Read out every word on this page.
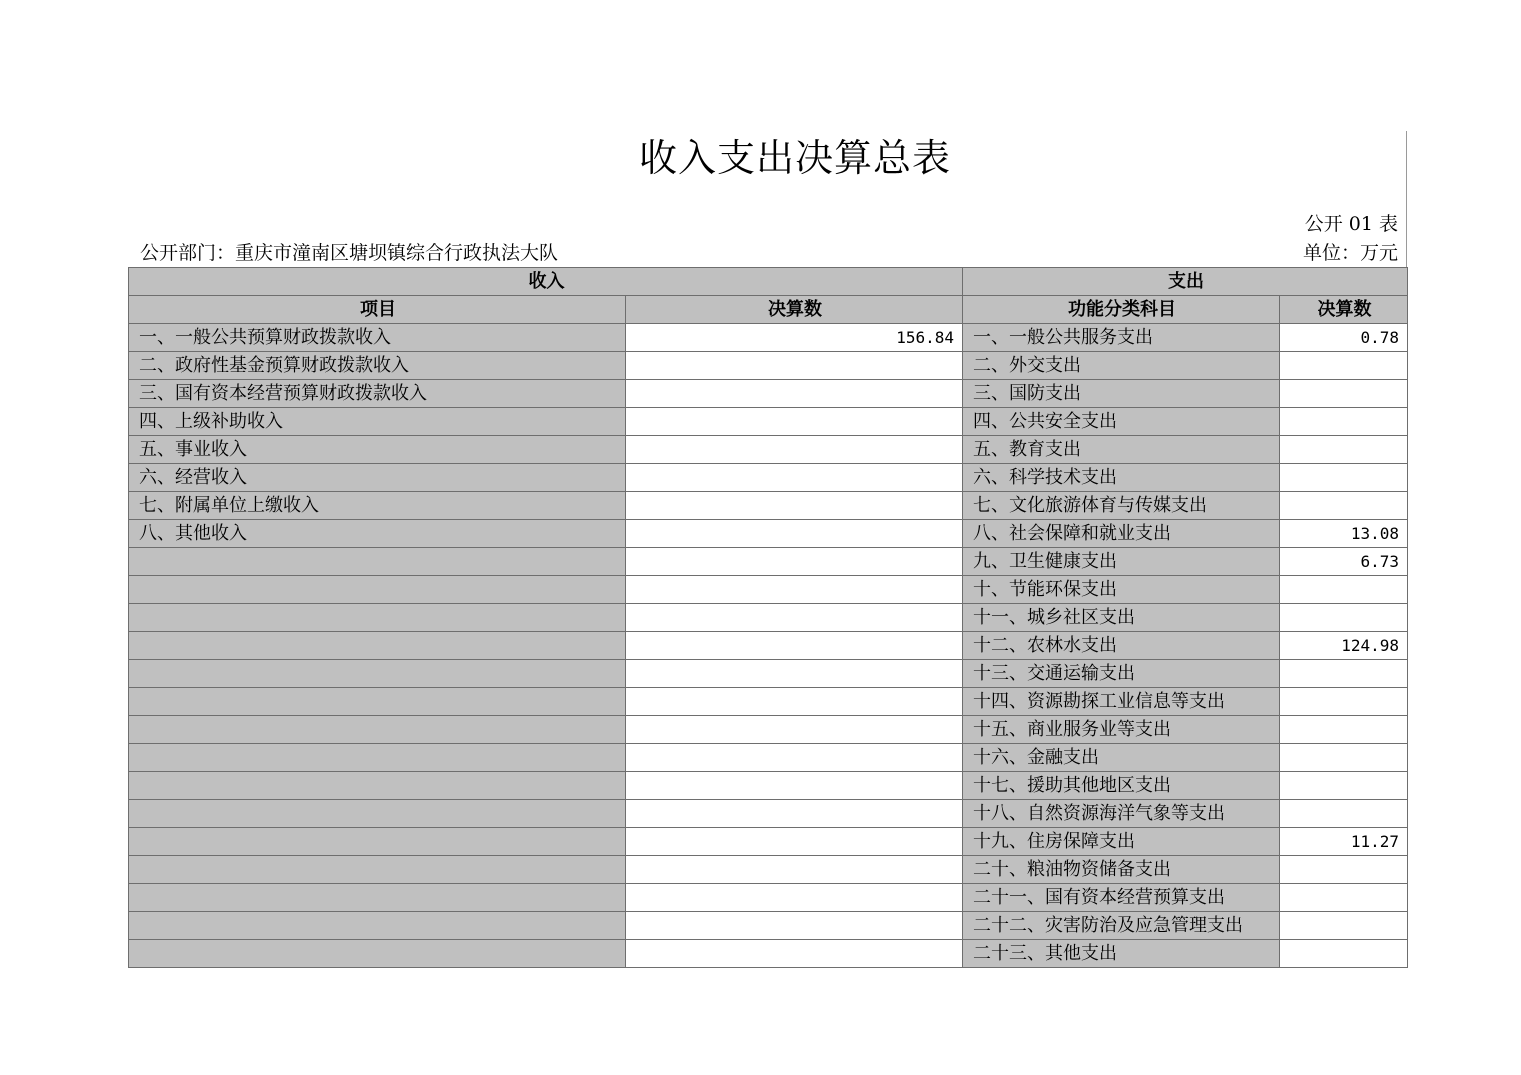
收入支出决算总表
公开 01 表
公开部门：重庆市潼南区塘坝镇综合行政执法大队	单位：万元
收入		支出	
项目	决算数	功能分类科目	决算数
一、一般公共预算财政拨款收入	156.84	一、一般公共服务支出	0.78
二、政府性基金预算财政拨款收入		二、外交支出	
三、国有资本经营预算财政拨款收入		三、国防支出	
四、上级补助收入		四、公共安全支出	
五、事业收入		五、教育支出	
六、经营收入		六、科学技术支出	
七、附属单位上缴收入		七、文化旅游体育与传媒支出	
八、其他收入		八、社会保障和就业支出	13.08
		九、卫生健康支出	6.73
		十、节能环保支出	
		十一、城乡社区支出	
		十二、农林水支出	124.98
		十三、交通运输支出	
		十四、资源勘探工业信息等支出	
		十五、商业服务业等支出	
		十六、金融支出	
		十七、援助其他地区支出	
		十八、自然资源海洋气象等支出	
		十九、住房保障支出	11.27
		二十、粮油物资储备支出	
		二十一、国有资本经营预算支出	
		二十二、灾害防治及应急管理支出	
		二十三、其他支出	
